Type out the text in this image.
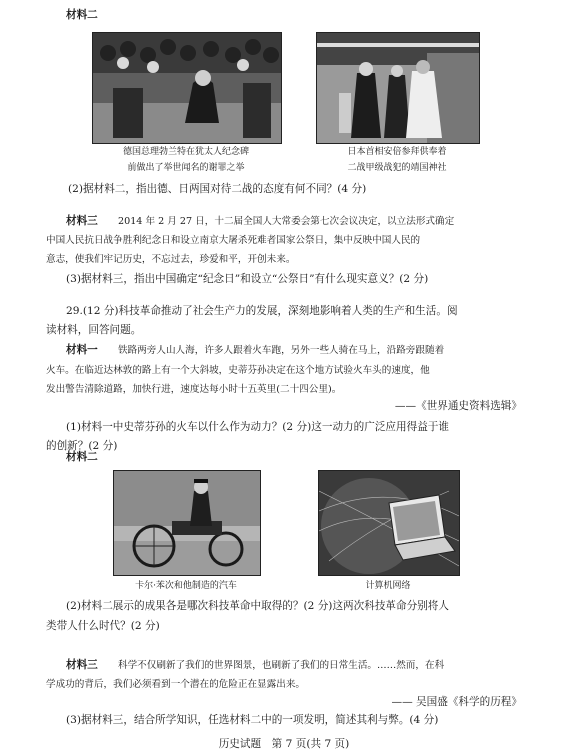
材料二
德国总理勃兰特在犹太人纪念碑
前做出了举世闻名的谢罪之举
日本首相安倍参拜供奉着
二战甲级战犯的靖国神社
(2)据材料二，指出德、日两国对待二战的态度有何不同？(4 分)
材料三 2014 年 2 月 27 日，十二届全国人大常委会第七次会议决定，以立法形式确定
中国人民抗日战争胜利纪念日和设立南京大屠杀死难者国家公祭日，集中反映中国人民的
意志，使我们牢记历史，不忘过去，珍爱和平，开创未来。
(3)据材料三，指出中国确定“纪念日”和设立“公祭日”有什么现实意义？(2 分)
29.(12 分)科技革命推动了社会生产力的发展，深刻地影响着人类的生产和生活。阅
读材料，回答问题。
材料一 铁路两旁人山人海，许多人跟着火车跑，另外一些人骑在马上，沿路旁跟随着
火车。在临近达林敦的路上有一个大斜坡，史蒂芬孙决定在这个地方试验火车头的速度，他
发出警告清除道路，加快行进，速度达每小时十五英里(二十四公里)。
——《世界通史资料选辑》
(1)材料一中史蒂芬孙的火车以什么作为动力？(2 分)这一动力的广泛应用得益于谁
的创新？(2 分)
材料二
卡尔·苯次和他制造的汽车	计算机网络
(2)材料二展示的成果各是哪次科技革命中取得的？(2 分)这两次科技革命分别将人
类带人什么时代？(2 分)
材料三 科学不仅刷新了我们的世界图景，也刷新了我们的日常生活。……然而，在科
学成功的背后，我们必须看到一个潜在的危险正在显露出来。
—— 吴国盛《科学的历程》
(3)据材料三，结合所学知识，任选材料二中的一项发明，简述其利与弊。(4 分)
历史试题　第 7 页(共 7 页)
